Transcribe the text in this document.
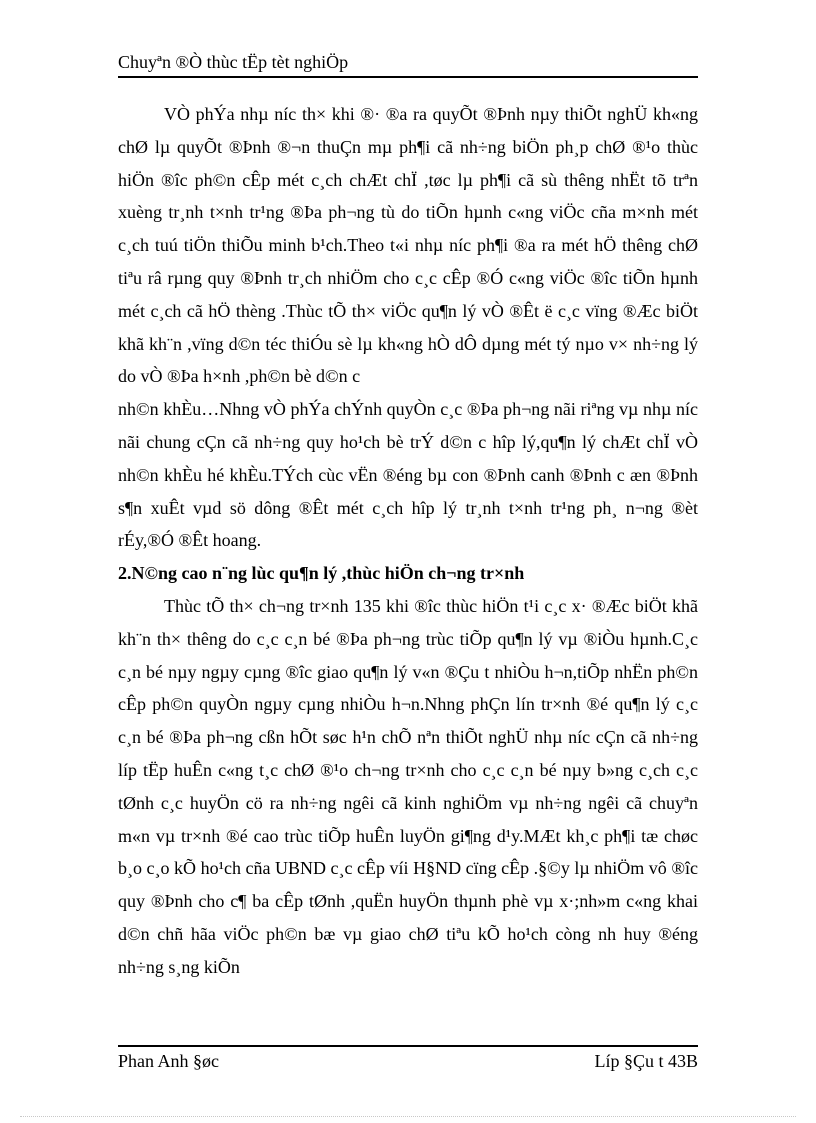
Chuyªn ®Ò thùc tËp tèt nghiÖp

VÒ phÝa nhµ níc th× khi ®· ®a ra quyÕt ®Þnh nµy thiÕt nghÜ kh«ng chØ lµ quyÕt ®Þnh ®¬n thuÇn mµ ph¶i cã nh÷ng biÖn ph¸p chØ ®¹o thùc hiÖn ®îc ph©n cÊp mét c¸ch chÆt chÏ ,tøc lµ ph¶i cã sù thêng nhËt tõ trªn xuèng tr¸nh t×nh tr¹ng ®Þa ph¬ng tù do tiÕn hµnh c«ng viÖc cña m×nh mét c¸ch tuú tiÖn thiÕu minh b¹ch.Theo t«i nhµ níc ph¶i ®a ra mét hÖ thêng chØ tiªu râ rµng quy ®Þnh tr¸ch nhiÖm cho c¸c cÊp ®Ó c«ng viÖc ®îc tiÕn hµnh mét c¸ch cã hÖ thèng .Thùc tÕ th× viÖc qu¶n lý vÒ ®Êt ë c¸c vïng ®Æc biÖt khã kh¨n ,vïng d©n téc thiÓu sè lµ kh«ng hÒ dÔ dµng mét tý nµo v× nh÷ng lý do vÒ ®Þa h×nh ,ph©n bè d©n c

nh©n khÈu…Nhng vÒ phÝa chÝnh quyÒn c¸c ®Þa ph¬ng nãi riªng vµ nhµ níc nãi chung cÇn cã nh÷ng quy ho¹ch bè trÝ d©n c hîp lý,qu¶n lý chÆt chÏ vÒ nh©n khÈu hé khÈu.TÝch cùc vËn ®éng bµ con ®Þnh canh ®Þnh c æn ®Þnh s¶n xuÊt vµd sö dông ®Êt mét c¸ch hîp lý tr¸nh t×nh tr¹ng ph¸ n¬ng ®èt rÉy,®Ó ®Êt hoang.

2.N©ng cao n¨ng lùc qu¶n lý ,thùc hiÖn ch¬ng tr×nh

Thùc tÕ th× ch¬ng tr×nh 135 khi ®îc thùc hiÖn t¹i c¸c x· ®Æc biÖt khã kh¨n th× thêng do c¸c c¸n bé ®Þa ph¬ng trùc tiÕp qu¶n lý vµ ®iÒu hµnh.C¸c c¸n bé nµy ngµy cµng ®îc giao qu¶n lý v«n ®Çu t nhiÒu h¬n,tiÕp nhËn ph©n cÊp ph©n quyÒn ngµy cµng nhiÒu h¬n.Nhng phÇn lín tr×nh ®é qu¶n lý c¸c c¸n bé ®Þa ph¬ng cßn hÕt søc h¹n chÕ nªn thiÕt nghÜ nhµ níc cÇn cã nh÷ng líp tËp huÊn c«ng t¸c chØ ®¹o ch¬ng tr×nh cho c¸c c¸n bé nµy b»ng c¸ch c¸c tØnh c¸c huyÖn cö ra nh÷ng ngêi cã kinh nghiÖm vµ nh÷ng ngêi cã chuyªn m«n vµ tr×nh ®é cao trùc tiÕp huÊn luyÖn gi¶ng d¹y.MÆt kh¸c ph¶i tæ chøc b¸o c¸o kÕ ho¹ch cña UBND c¸c cÊp víi H§ND cïng cÊp .§©y lµ nhiÖm vô ®îc quy ®Þnh cho c¶ ba cÊp tØnh ,quËn huyÖn thµnh phè vµ x·;nh»m c«ng khai d©n chñ hãa viÖc ph©n bæ vµ giao chØ tiªu kÕ ho¹ch còng nh huy ®éng nh÷ng s¸ng kiÕn

Phan Anh §øc	Líp §Çu t 43B
